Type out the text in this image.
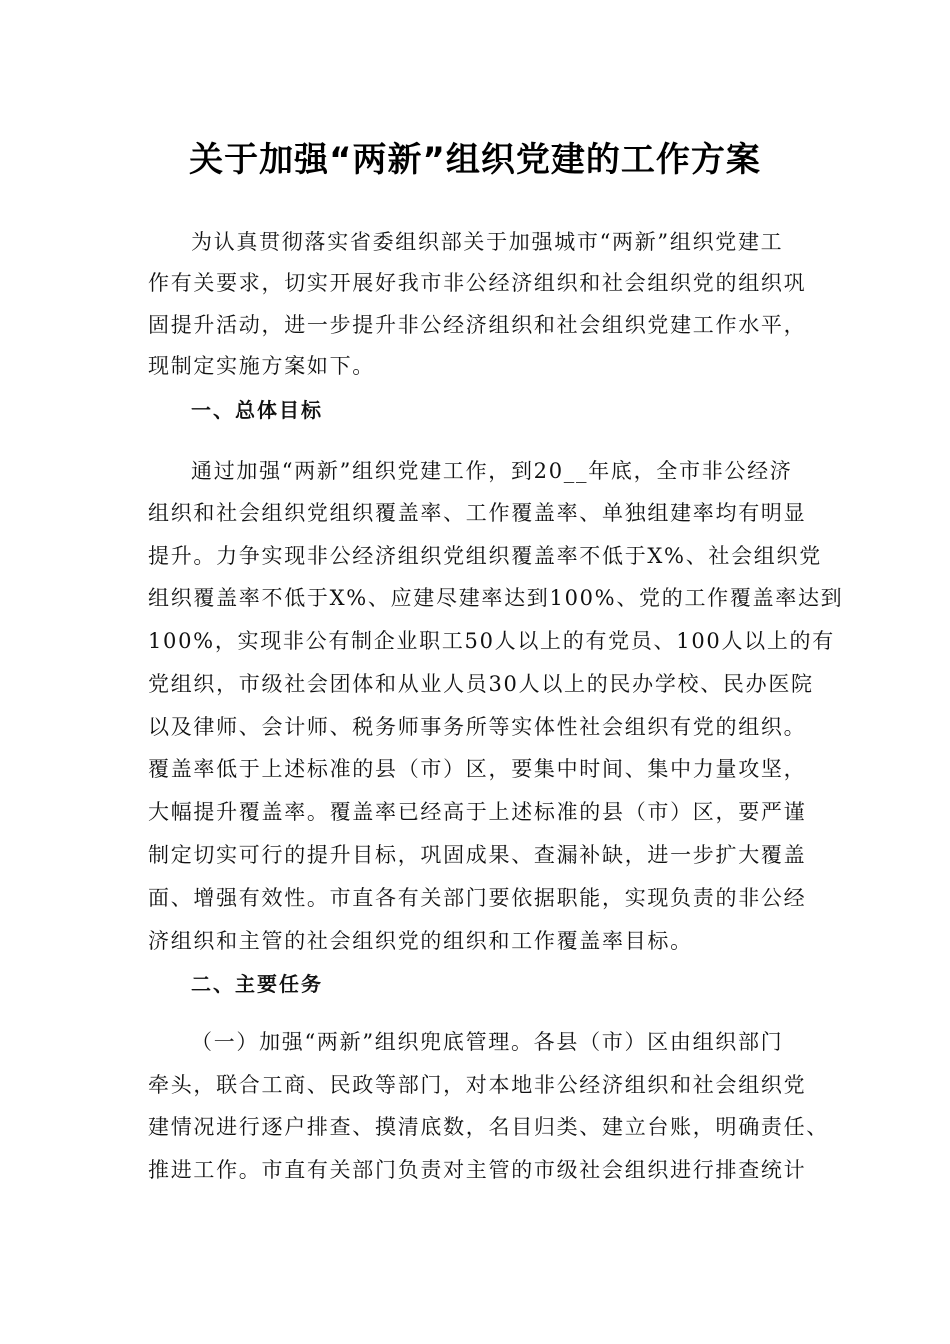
关于加强“两新”组织党建的工作方案
为认真贯彻落实省委组织部关于加强城市“两新”组织党建工
作有关要求，切实开展好我市非公经济组织和社会组织党的组织巩
固提升活动，进一步提升非公经济组织和社会组织党建工作水平，
现制定实施方案如下。
一、总体目标
通过加强“两新”组织党建工作，到20__年底，全市非公经济
组织和社会组织党组织覆盖率、工作覆盖率、单独组建率均有明显
提升。力争实现非公经济组织党组织覆盖率不低于X%、社会组织党
组织覆盖率不低于X%、应建尽建率达到100%、党的工作覆盖率达到
100%，实现非公有制企业职工50人以上的有党员、100人以上的有
党组织，市级社会团体和从业人员30人以上的民办学校、民办医院
以及律师、会计师、税务师事务所等实体性社会组织有党的组织。
覆盖率低于上述标准的县（市）区，要集中时间、集中力量攻坚，
大幅提升覆盖率。覆盖率已经高于上述标准的县（市）区，要严谨
制定切实可行的提升目标，巩固成果、查漏补缺，进一步扩大覆盖
面、增强有效性。市直各有关部门要依据职能，实现负责的非公经
济组织和主管的社会组织党的组织和工作覆盖率目标。
二、主要任务
（一）加强“两新”组织兜底管理。各县（市）区由组织部门
牵头，联合工商、民政等部门，对本地非公经济组织和社会组织党
建情况进行逐户排查、摸清底数，名目归类、建立台账，明确责任、
推进工作。市直有关部门负责对主管的市级社会组织进行排查统计
